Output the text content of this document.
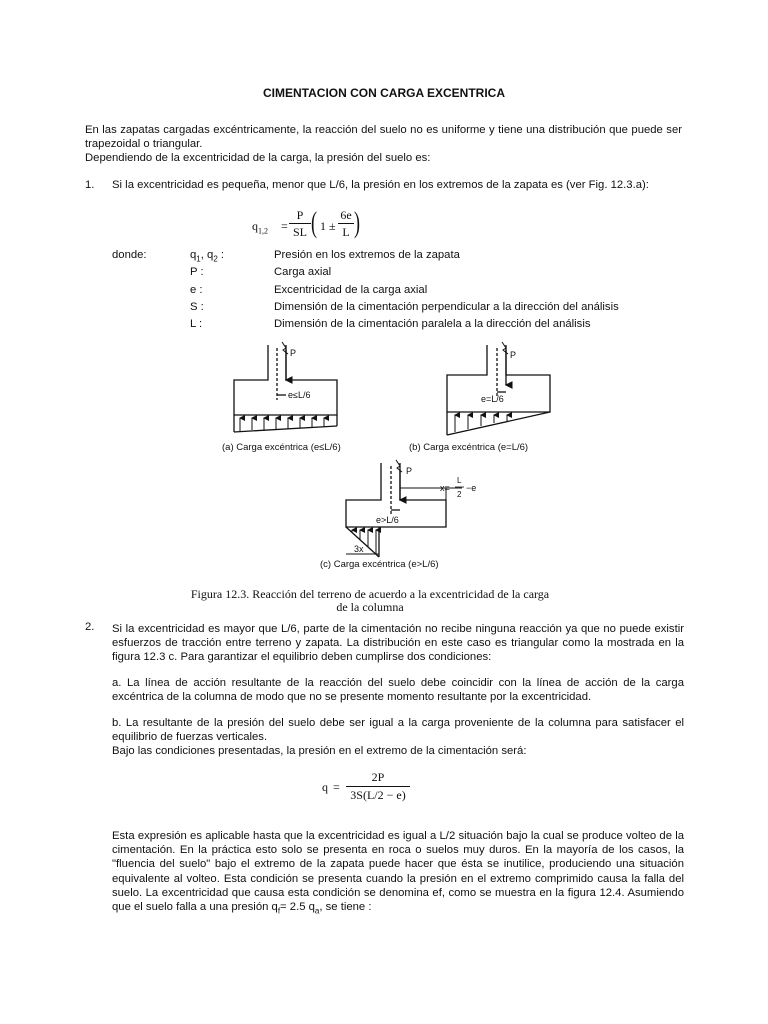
CIMENTACION CON CARGA EXCENTRICA
En las zapatas cargadas excéntricamente, la reacción del suelo no es uniforme y tiene una distribución que puede ser
trapezoidal o triangular.
Dependiendo de la excentricidad de la carga, la presión del suelo es:
1. Si la excentricidad es pequeña, menor que L/6, la presión en los extremos de la zapata es (ver Fig. 12.3.a):
$q_{1,2}$ =
P
SL ( 1 ±
6e
L )
donde:	$q_1$, $q_2$ :	Presión en los extremos de la zapata
P :	Carga axial
e :	Excentricidad de la carga axial
S :	Dimensión de la cimentación perpendicular a la dirección del análisis
L :	Dimensión de la cimentación paralela a la dirección del análisis
P
e≤L/6
(a) Carga excéntrica (e≤L/6)
P
e=L/6
(b) Carga excéntrica (e=L/6)
P
e>L/6
x=
L
2
−e
3x
(c) Carga excéntrica (e>L/6)
Figura 12.3. Reacción del terreno de acuerdo a la excentricidad de la carga
de la columna
2. Si la excentricidad es mayor que L/6, parte de la cimentación no recibe ninguna reacción ya que no puede existir esfuerzos de tracción entre terreno y zapata. La distribución en este caso es triangular como la mostrada en la figura 12.3 c. Para garantizar el equilibrio deben cumplirse dos condiciones:
a. La línea de acción resultante de la reacción del suelo debe coincidir con la línea de acción de la carga excéntrica de la columna de modo que no se presente momento resultante por la excentricidad.
b. La resultante de la presión del suelo debe ser igual a la carga proveniente de la columna para satisfacer el equilibrio de fuerzas verticales.
Bajo las condiciones presentadas, la presión en el extremo de la cimentación será:
q =
2P
3S(L/2 − e)
Esta expresión es aplicable hasta que la excentricidad es igual a L/2 situación bajo la cual se produce volteo de la cimentación. En la práctica esto solo se presenta en roca o suelos muy duros. En la mayoría de los casos, la "fluencia del suelo" bajo el extremo de la zapata puede hacer que ésta se inutilice, produciendo una situación equivalente al volteo. Esta condición se presenta cuando la presión en el extremo comprimido causa la falla del suelo. La excentricidad que causa esta condición se denomina ef, como se muestra en la figura 12.4. Asumiendo que el suelo falla a una presión $q_f= 2.5$ $q_a$, se tiene :
